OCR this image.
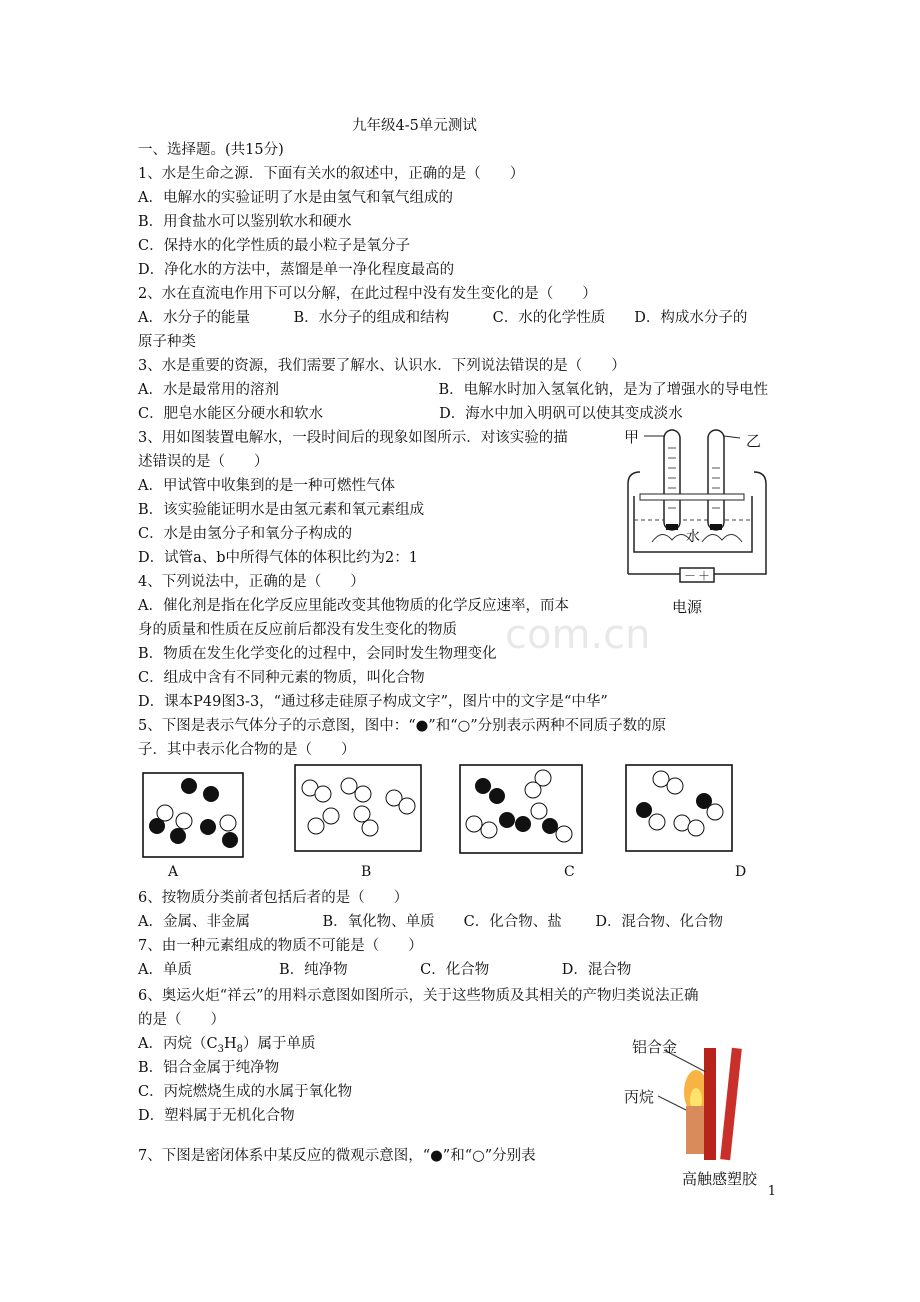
九年级4-5单元测试
一、选择题。(共15分)
1、水是生命之源．下面有关水的叙述中，正确的是（　　）
A．电解水的实验证明了水是由氢气和氧气组成的
B．用食盐水可以鉴别软水和硬水
C．保持水的化学性质的最小粒子是氧分子
D．净化水的方法中，蒸馏是单一净化程度最高的
2、水在直流电作用下可以分解，在此过程中没有发生变化的是（　　）
A．水分子的能量　　　B．水分子的组成和结构　　　C．水的化学性质　　D．构成水分子的
原子种类
3、水是重要的资源，我们需要了解水、认识水．下列说法错误的是（　　）
A．水是最常用的溶剂　　　　　　　　　　　B．电解水时加入氢氧化钠，是为了增强水的导电性
C．肥皂水能区分硬水和软水　　　　　　　　D．海水中加入明矾可以使其变成淡水
3、用如图装置电解水，一段时间后的现象如图所示．对该实验的描
述错误的是（　　）
A．甲试管中收集到的是一种可燃性气体
B．该实验能证明水是由氢元素和氧元素组成
C．水是由氢分子和氧分子构成的
D．试管a、b中所得气体的体积比约为2：1
4、下列说法中，正确的是（　　）
A．催化剂是指在化学反应里能改变其他物质的化学反应速率，而本
身的质量和性质在反应前后都没有发生变化的物质
B．物质在发生化学变化的过程中，会同时发生物理变化
C．组成中含有不同种元素的物质，叫化合物
D．课本P49图3-3，“通过移走硅原子构成文字”，图片中的文字是“中华”
5、下图是表示气体分子的示意图，图中：“●”和“○”分别表示两种不同质子数的原
子．其中表示化合物的是（　　）
甲	乙
水
－ ＋
电源
A	B	C	D
6、按物质分类前者包括后者的是（　　）
A．金属、非金属　　　　　B．氧化物、单质　　C．化合物、盐　　 D．混合物、化合物
7、由一种元素组成的物质不可能是（　　）
A．单质　　　　　　B．纯净物　　　　　C．化合物　　　　　D．混合物
6、奥运火炬“祥云”的用料示意图如图所示，关于这些物质及其相关的产物归类说法正确
的是（　　）
A．丙烷$(C_3H_8)$属于单质
B．铝合金属于纯净物
C．丙烷燃烧生成的水属于氧化物
D．塑料属于无机化合物
7、下图是密闭体系中某反应的微观示意图，“●”和“○”分别表
铝合金
丙烷
高触感塑胶
com.cn
1
